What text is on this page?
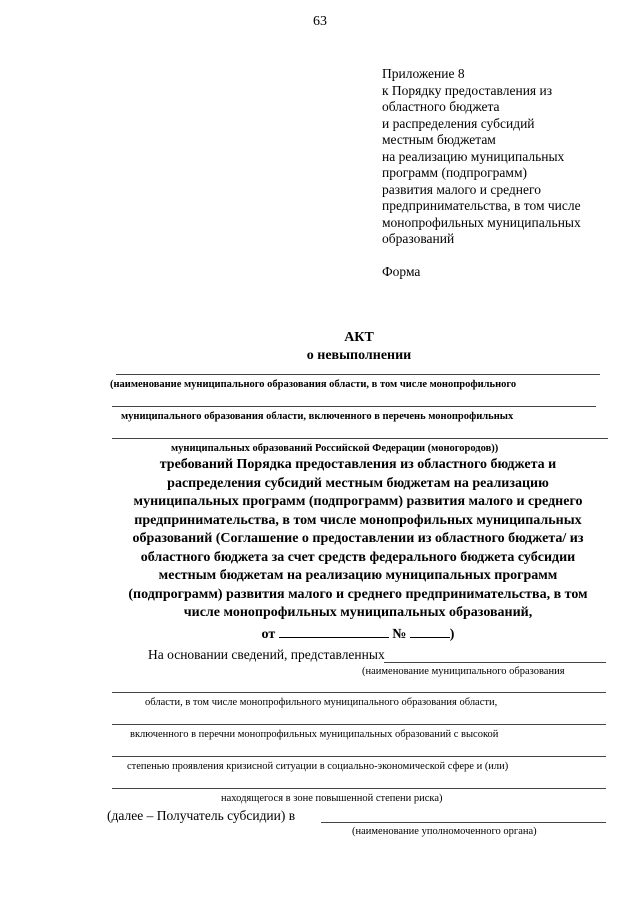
63
Приложение 8
к Порядку предоставления из
областного бюджета
и распределения субсидий
местным бюджетам
на реализацию муниципальных
программ (подпрограмм)
развития малого и среднего
предпринимательства, в том числе
монопрофильных муниципальных
образований
Форма
АКТ
о невыполнении
(наименование муниципального образования области, в том числе монопрофильного
муниципального образования области, включенного в перечень монопрофильных
муниципальных образований Российской Федерации (моногородов))
требований Порядка предоставления из областного бюджета и
распределения субсидий местным бюджетам на реализацию
муниципальных программ (подпрограмм) развития малого и среднего
предпринимательства, в том числе монопрофильных муниципальных
образований (Соглашение о предоставлении из областного бюджета/ из
областного бюджета за счет средств федерального бюджета субсидии
местным бюджетам на реализацию муниципальных программ
(подпрограмм) развития малого и среднего предпринимательства, в том
числе монопрофильных муниципальных образований,
от	№	)
На основании сведений, представленных
(наименование муниципального образования
области, в том числе монопрофильного муниципального образования области,
включенного в перечни монопрофильных муниципальных образований с высокой
степенью проявления кризисной ситуации в социально-экономической сфере и (или)
находящегося в зоне повышенной степени риска)
(далее – Получатель субсидии) в
(наименование уполномоченного органа)
